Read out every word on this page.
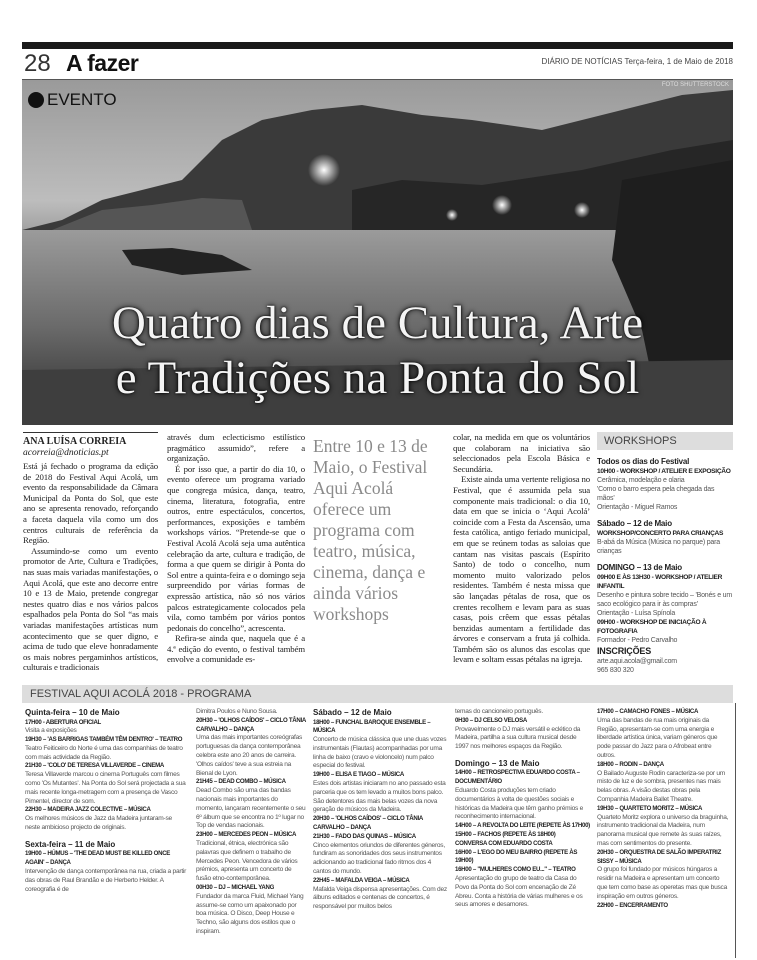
28 A fazer	DIÁRIO DE NOTÍCIAS Terça-feira, 1 de Maio de 2018
EVENTO
FOTO SHUTTERSTOCK
Quatro dias de Cultura, Arte
e Tradições na Ponta do Sol
ANA LUÍSA CORREIA
acorreia@dnoticias.pt

Está já fechado o programa da edição de 2018 do Festival Aqui Acolá, um evento da responsabilidade da Câmara Municipal da Ponta do Sol, que este ano se apresenta renovado, reforçando a faceta daquela vila como um dos centros culturais de referência da Região.

Assumindo-se como um evento promotor de Arte, Cultura e Tradições, nas suas mais variadas manifestações, o Aqui Acolá, que este ano decorre entre 10 e 13 de Maio, pretende congregar nestes quatro dias e nos vários palcos espalhados pela Ponta do Sol “as mais variadas manifestações artísticas num acontecimento que se quer digno, e acima de tudo que eleve honradamente os mais nobres pergaminhos artísticos, culturais e tradicionais

através dum eclecticismo estilístico pragmático assumido”, refere a organização.

É por isso que, a partir do dia 10, o evento oferece um programa variado que congrega música, dança, teatro, cinema, literatura, fotografia, entre outros, entre espectáculos, concertos, performances, exposições e também workshops vários. “Pretende-se que o Festival Acolá Acolá seja uma autêntica celebração da arte, cultura e tradição, de forma a que quem se dirigir à Ponta do Sol entre a quinta-feira e o domingo seja surpreendido por várias formas de expressão artística, não só nos vários palcos estrategicamente colocados pela vila, como também por vários pontos pedonais do concelho”, acrescenta.

Refira-se ainda que, naquela que é a 4.ª edição do evento, o festival também envolve a comunidade es-

Entre 10 e 13 de Maio, o Festival Aqui Acolá oferece um programa com teatro, música, cinema, dança e ainda vários workshops

colar, na medida em que os voluntários que colaboram na iniciativa são seleccionados pela Escola Básica e Secundária.

Existe ainda uma vertente religiosa no Festival, que é assumida pela sua componente mais tradicional: o dia 10, data em que se inicia o ‘Aqui Acolá’ coincide com a Festa da Ascensão, uma festa católica, antigo feriado municipal, em que se reúnem todas as saloias que cantam nas visitas pascais (Espírito Santo) de todo o concelho, num momento muito valorizado pelos residentes. Também é nesta missa que são lançadas pétalas de rosa, que os crentes recolhem e levam para as suas casas, pois crêem que essas pétalas benzidas aumentam a fertilidade das árvores e conservam a fruta já colhida. Também são os alunos das escolas que levam e soltam essas pétalas na igreja.

WORKSHOPS
Todos os dias do Festival
10H00 - WORKSHOP / ATELIER E EXPOSIÇÃO
Cerâmica, modelação e olaria
'Como o barro espera pela chegada das mãos'
Orientação - Miguel Ramos
Sábado – 12 de Maio
WORKSHOP/CONCERTO PARA CRIANÇAS
B-abá da Música (Música no parque) para crianças
DOMINGO – 13 de Maio
09H00 E ÀS 13H30 - WORKSHOP / ATELIER INFANTIL
Desenho e pintura sobre tecido – 'Bonés e um saco ecológico para ir às compras'
Orientação - Luísa Spínola
09H00 - WORKSHOP DE INICIAÇÃO À FOTOGRAFIA
Formador - Pedro Carvalho
INSCRIÇÕES
arte.aqui.acola@gmail.com
965 830 320
FESTIVAL AQUI ACOLÁ 2018 - PROGRAMA
Quinta-feira – 10 de Maio
17H00 - ABERTURA OFICIAL
Visita a exposições
19H30 – 'AS BARRIGAS TAMBÉM TÊM DENTRO' – TEATRO
Teatro Feiticeiro do Norte é uma das companhias de teatro com mais actividade da Região.
21H30 – 'COLO' DE TERESA VILLAVERDE – CINEMA
Teresa Villaverde marcou o cinema Português com filmes como 'Os Mutantes'. Na Ponta do Sol será projectada a sua mais recente longa-metragem com a presença de Vasco Pimentel, director de som.
22H30 – MADEIRA JAZZ COLECTIVE – MÚSICA
Os melhores músicos de Jazz da Madeira juntaram-se neste ambicioso projecto de originais.
Sexta-feira – 11 de Maio
19H00 – HÚMUS – 'THE DEAD MUST BE KILLED ONCE AGAIN' – DANÇA
Intervenção de dança contemporânea na rua, criada a partir das obras de Raul Brandão e de Herberto Helder. A coreografia é de
Dimitra Poulos e Nuno Sousa.
20H30 – 'OLHOS CAÍDOS' – CICLO TÂNIA CARVALHO – DANÇA
Uma das mais importantes coreógrafas portuguesas da dança contemporânea celebra este ano 20 anos de carreira. 'Olhos caídos' teve a sua estreia na Bienal de Lyon.
21H45 – DEAD COMBO – MÚSICA
Dead Combo são uma das bandas nacionais mais importantes do momento, lançaram recentemente o seu 6º álbum que se encontra no 1º lugar no Top de vendas nacionais.
23H00 – MERCEDES PEON – MÚSICA
Tradicional, étnica, electrónica são palavras que definem o trabalho de Mercedes Peon. Vencedora de vários prémios, apresenta um concerto de fusão etno-contemporânea.
00H30 – DJ – MICHAEL YANG
Fundador da marca Fluid, Michael Yang assume-se como um apaixonado por boa música. O Disco, Deep House e Techno, são alguns dos estilos que o inspiram.
Sábado – 12 de Maio
18H00 – FUNCHAL BAROQUE ENSEMBLE – MÚSICA
Concerto de música clássica que une duas vozes instrumentais (Flautas) acompanhadas por uma linha de baixo (cravo e violoncelo) num palco especial do festival.
19H00 – ELISA E TIAGO – MÚSICA
Estes dois artistas iniciaram no ano passado esta parceria que os tem levado a muitos bons palco. São detentores das mais belas vozes da nova geração de músicos da Madeira.
20H30 – 'OLHOS CAÍDOS' – CICLO TÂNIA CARVALHO – DANÇA
21H30 – FADO DAS QUINAS – MÚSICA
Cinco elementos oriundos de diferentes géneros, fundiram as sonoridades dos seus instrumentos adicionando ao tradicional fado ritmos dos 4 cantos do mundo.
22H45 – MAFALDA VEIGA – MÚSICA
Mafalda Veiga dispensa apresentações. Com dez álbuns editados e centenas de concertos, é responsável por muitos belos
temas do cancioneiro português.
0H30 – DJ CELSO VELOSA
Provavelmente o DJ mais versátil e eclético da Madeira, partilha a sua cultura musical desde 1997 nos melhores espaços da Região.
Domingo – 13 de Maio
14H00 – RETROSPECTIVA EDUARDO COSTA – DOCUMENTÁRIO
Eduardo Costa produções tem criado documentários à volta de questões sociais e históricas da Madeira que têm ganho prémios e reconhecimento internacional.
14H00 – A REVOLTA DO LEITE (REPETE ÀS 17H00)
15H00 – FACHOS (REPETE ÀS 18H00)
CONVERSA COM EDUARDO COSTA
16H00 – L'EGO DO MEU BAIRRO (REPETE ÀS 19H00)
16H00 – "MULHERES COMO EU..." – TEATRO
Apresentação do grupo de teatro da Casa do Povo da Ponta do Sol com encenação de Zé Abreu. Conta a história de várias mulheres e os seus amores e desamores.
17H00 – CAMACHO FONES – MÚSICA
Uma das bandas de rua mais originais da Região, apresentam-se com uma energia e liberdade artística única, variam géneros que pode passar do Jazz para o Afrobeat entre outros.
18H00 – RODIN – DANÇA
O Bailado Auguste Rodin caracteriza-se por um misto de luz e de sombra, presentes nas mais belas obras. A visão destas obras pela Companhia Madeira Ballet Theatre.
19H30 – QUARTETO MORITZ – MÚSICA
Quarteto Moritz explora o universo da braguinha, instrumento tradicional da Madeira, num panorama musical que remete às suas raízes, mas com sentimentos do presente.
20H30 – ORQUESTRA DE SALÃO IMPERATRIZ SISSY – MÚSICA
O grupo foi fundado por músicos húngaros a residir na Madeira e apresentam um concerto que tem como base as operetas mas que busca inspiração em outros géneros.
22H00 – ENCERRAMENTO
